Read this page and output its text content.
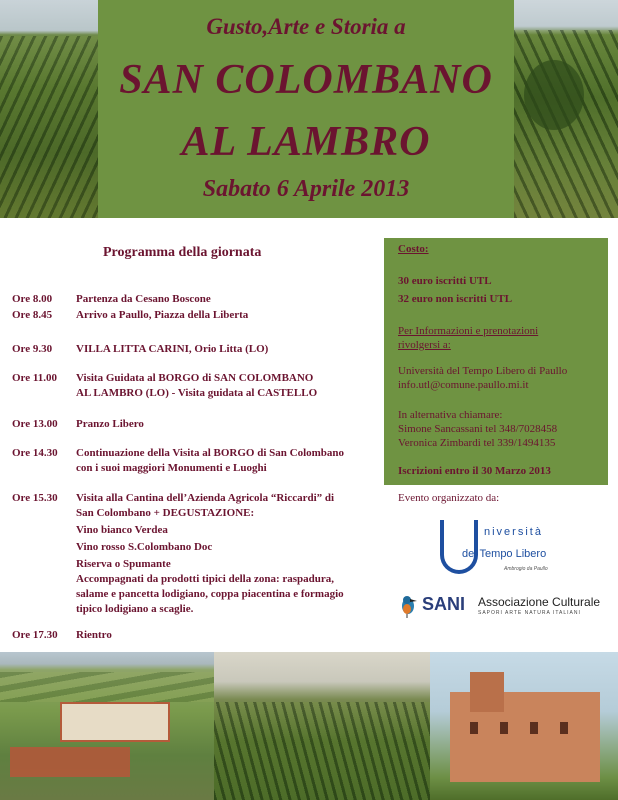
Gusto,Arte e Storia a
SAN COLOMBANO
AL LAMBRO
Sabato 6 Aprile 2013
Programma della giornata
Ore 8.00	Partenza da Cesano Boscone
Ore 8.45	Arrivo a Paullo, Piazza della Liberta
Ore 9.30	VILLA LITTA CARINI, Orio Litta (LO)
Ore 11.00	Visita Guidata al BORGO di SAN COLOMBANO
AL LAMBRO (LO) - Visita guidata al CASTELLO
Ore 13.00	Pranzo Libero
Ore 14.30	Continuazione della Visita al BORGO di San Colombano
con i suoi maggiori Monumenti e Luoghi
Ore 15.30	Visita alla Cantina dell’Azienda Agricola “Riccardi” di
San Colombano + DEGUSTAZIONE:
Vino bianco Verdea
Vino rosso S.Colombano Doc
Riserva o Spumante
Accompagnati da prodotti tipici della zona: raspadura,
salame e pancetta lodigiano, coppa piacentina e formagio
tipico lodigiano a scaglie.
Ore 17.30	Rientro

Costo:

30 euro iscritti UTL

32 euro non iscritti UTL

Per Informazioni e prenotazioni

rivolgersi a:

Università del Tempo Libero di Paullo

info.utl@comune.paullo.mi.it

In alternativa chiamare:

Simone Sancassani tel 348/7028458

Veronica Zimbardi tel 339/1494135

Iscrizioni entro il 30 Marzo 2013

Evento organizzato da:
niversità
del Tempo Libero
Ambrogio da Paullo
SANI Associazione Culturale
SAPORI ARTE NATURA ITALIANI
